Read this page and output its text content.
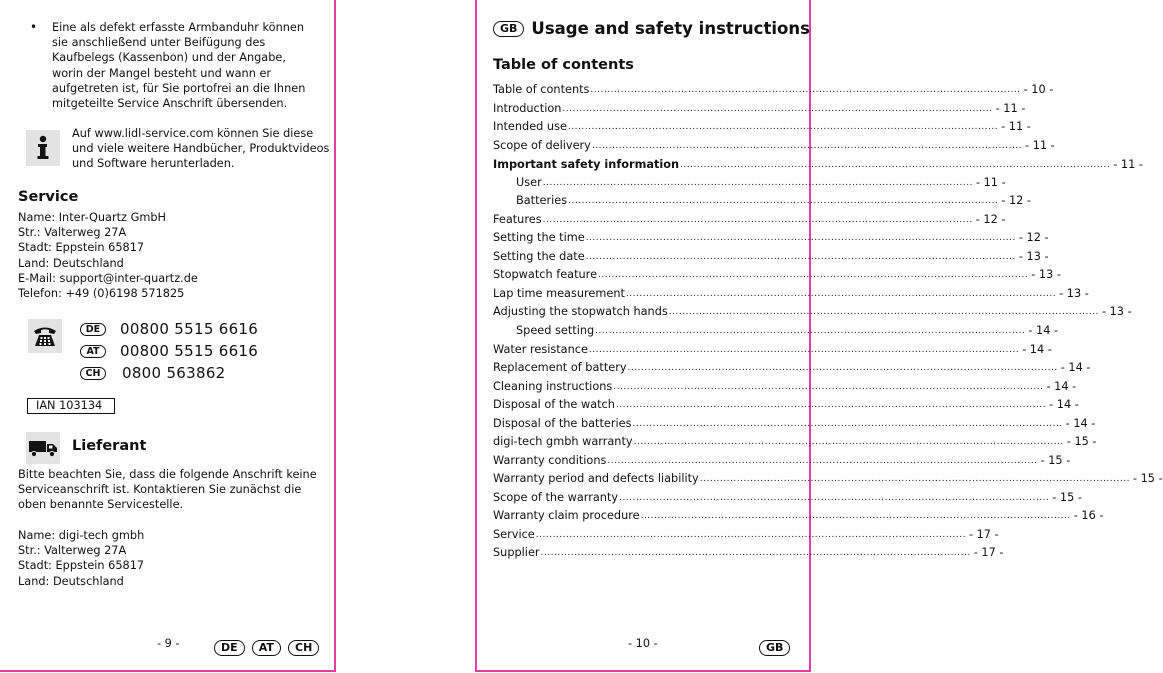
• Eine als defekt erfasste Armbanduhr können sie anschließend unter Beifügung des Kaufbelegs (Kassenbon) und der Angabe, worin der Mangel besteht und wann er aufgetreten ist, für Sie portofrei an die Ihnen mitgeteilte Service Anschrift übersenden.
Auf www.lidl-service.com können Sie diese
und viele weitere Handbücher, Produktvideos
und Software herunterladen.
Service
Name: Inter-Quartz GmbH
Str.: Valterweg 27A
Stadt: Eppstein 65817
Land: Deutschland
E-Mail: support@inter-quartz.de
Telefon: +49 (0)6198 571825
DE	00800 5515 6616
AT	00800 5515 6616
CH	0800 563862
IAN 103134
Lieferant
Bitte beachten Sie, dass die folgende Anschrift keine Serviceanschrift ist. Kontaktieren Sie zunächst die oben benannte Servicestelle.
Name: digi-tech gmbh
Str.: Valterweg 27A
Stadt: Eppstein 65817
Land: Deutschland
- 9 -	DE AT CH
GB Usage and safety instructions
Table of contents
Table of contents ................................................................................................................................ - 10 -
Introduction ................................................................................................................................ - 11 -
Intended use ................................................................................................................................ - 11 -
Scope of delivery ................................................................................................................................ - 11 -
Important safety information ................................................................................................................................ - 11 -
User ................................................................................................................................ - 11 -
Batteries ................................................................................................................................ - 12 -
Features ................................................................................................................................ - 12 -
Setting the time ................................................................................................................................ - 12 -
Setting the date ................................................................................................................................ - 13 -
Stopwatch feature ................................................................................................................................ - 13 -
Lap time measurement ................................................................................................................................ - 13 -
Adjusting the stopwatch hands ................................................................................................................................ - 13 -
Speed setting ................................................................................................................................ - 14 -
Water resistance ................................................................................................................................ - 14 -
Replacement of battery ................................................................................................................................ - 14 -
Cleaning instructions ................................................................................................................................ - 14 -
Disposal of the watch ................................................................................................................................ - 14 -
Disposal of the batteries ................................................................................................................................ - 14 -
digi-tech gmbh warranty ................................................................................................................................ - 15 -
Warranty conditions ................................................................................................................................ - 15 -
Warranty period and defects liability ................................................................................................................................ - 15 -
Scope of the warranty ................................................................................................................................ - 15 -
Warranty claim procedure ................................................................................................................................ - 16 -
Service ................................................................................................................................ - 17 -
Supplier ................................................................................................................................ - 17 -
- 10 -	GB
